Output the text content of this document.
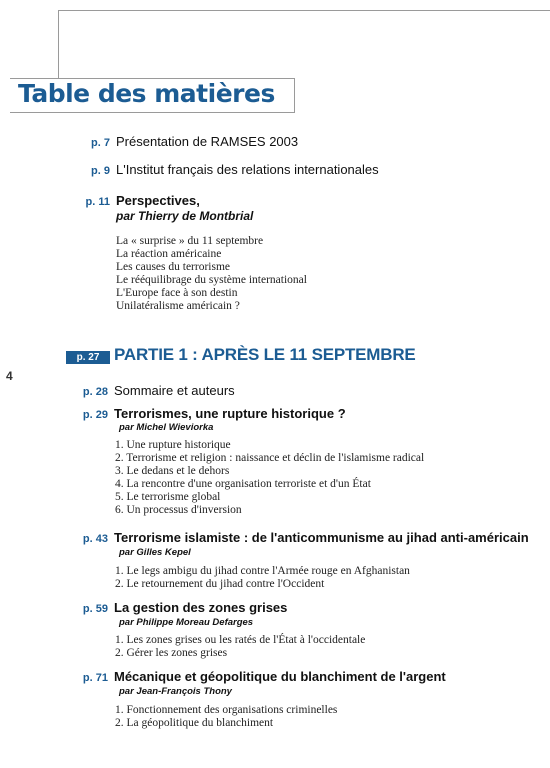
Table des matières
4
p. 7 Présentation de RAMSES 2003
p. 9 L'Institut français des relations internationales
p. 11 Perspectives,
par Thierry de Montbrial
La « surprise » du 11 septembre
La réaction américaine
Les causes du terrorisme
Le rééquilibrage du système international
L'Europe face à son destin
Unilatéralisme américain ?
p. 27 PARTIE 1 : APRÈS LE 11 SEPTEMBRE
p. 28 Sommaire et auteurs
p. 29 Terrorismes, une rupture historique ?
par Michel Wieviorka
1. Une rupture historique
2. Terrorisme et religion : naissance et déclin de l'islamisme radical
3. Le dedans et le dehors
4. La rencontre d'une organisation terroriste et d'un État
5. Le terrorisme global
6. Un processus d'inversion
p. 43 Terrorisme islamiste : de l'anticommunisme au jihad anti-américain
par Gilles Kepel
1. Le legs ambigu du jihad contre l'Armée rouge en Afghanistan
2. Le retournement du jihad contre l'Occident
p. 59 La gestion des zones grises
par Philippe Moreau Defarges
1. Les zones grises ou les ratés de l'État à l'occidentale
2. Gérer les zones grises
p. 71 Mécanique et géopolitique du blanchiment de l'argent
par Jean-François Thony
1. Fonctionnement des organisations criminelles
2. La géopolitique du blanchiment
